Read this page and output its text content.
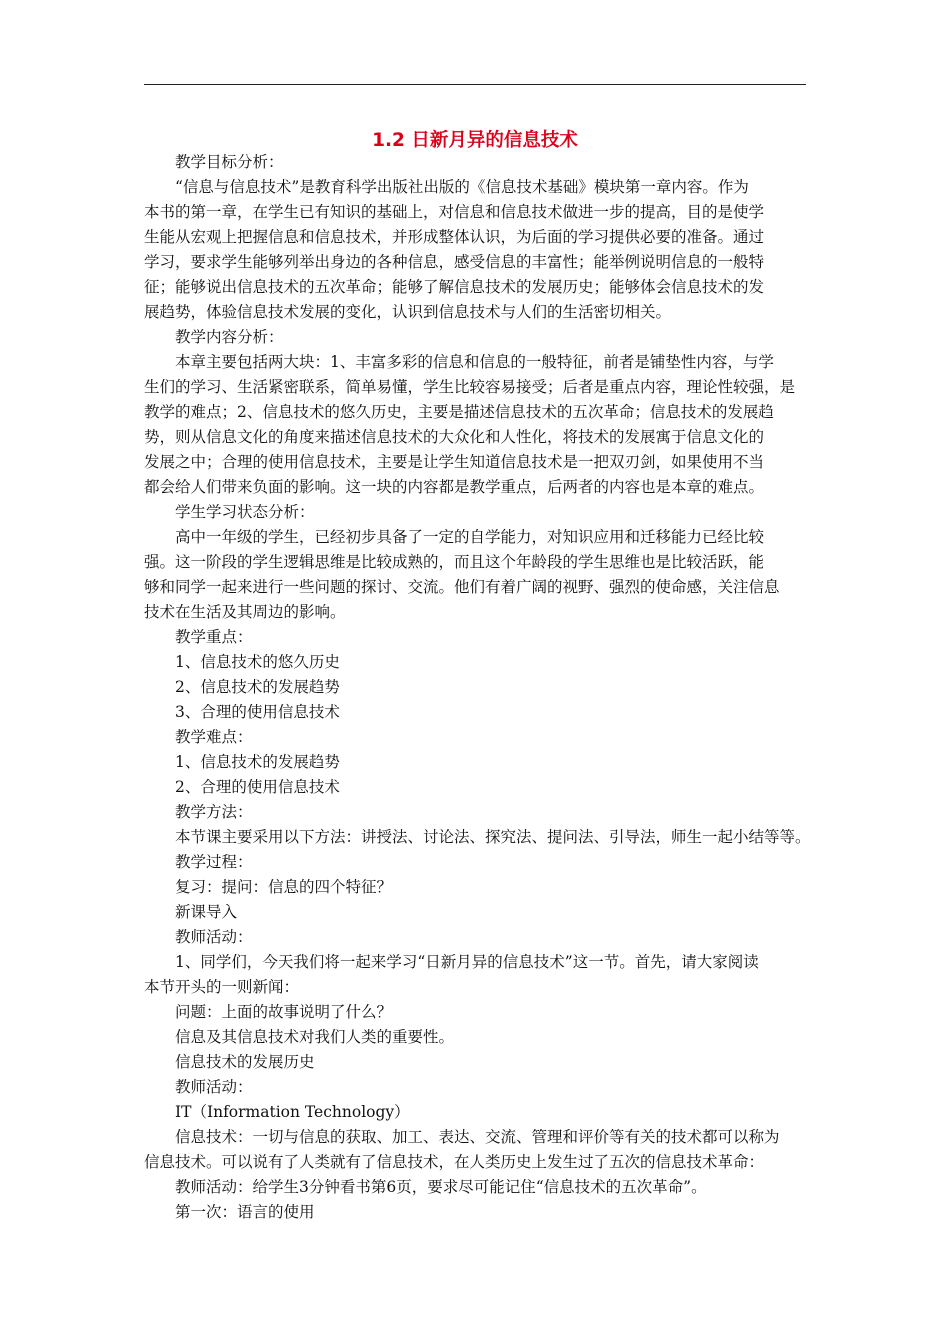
1.2 日新月异的信息技术
教学目标分析：
“信息与信息技术”是教育科学出版社出版的《信息技术基础》模块第一章内容。作为
本书的第一章，在学生已有知识的基础上，对信息和信息技术做进一步的提高，目的是使学
生能从宏观上把握信息和信息技术，并形成整体认识，为后面的学习提供必要的准备。通过
学习，要求学生能够列举出身边的各种信息，感受信息的丰富性；能举例说明信息的一般特
征；能够说出信息技术的五次革命；能够了解信息技术的发展历史；能够体会信息技术的发
展趋势，体验信息技术发展的变化，认识到信息技术与人们的生活密切相关。
教学内容分析：
本章主要包括两大块：1、丰富多彩的信息和信息的一般特征，前者是铺垫性内容，与学
生们的学习、生活紧密联系，简单易懂，学生比较容易接受；后者是重点内容，理论性较强，是
教学的难点；2、信息技术的悠久历史，主要是描述信息技术的五次革命；信息技术的发展趋
势，则从信息文化的角度来描述信息技术的大众化和人性化，将技术的发展寓于信息文化的
发展之中；合理的使用信息技术，主要是让学生知道信息技术是一把双刃剑，如果使用不当
都会给人们带来负面的影响。这一块的内容都是教学重点，后两者的内容也是本章的难点。
学生学习状态分析：
高中一年级的学生，已经初步具备了一定的自学能力，对知识应用和迁移能力已经比较
强。这一阶段的学生逻辑思维是比较成熟的，而且这个年龄段的学生思维也是比较活跃，能
够和同学一起来进行一些问题的探讨、交流。他们有着广阔的视野、强烈的使命感，关注信息
技术在生活及其周边的影响。
教学重点：
1、信息技术的悠久历史
2、信息技术的发展趋势
3、合理的使用信息技术
教学难点：
1、信息技术的发展趋势
2、合理的使用信息技术
教学方法：
本节课主要采用以下方法：讲授法、讨论法、探究法、提问法、引导法，师生一起小结等等。
教学过程：
复习：提问：信息的四个特征？
新课导入
教师活动：
1、同学们，今天我们将一起来学习“日新月异的信息技术”这一节。首先，请大家阅读
本节开头的一则新闻：
问题：上面的故事说明了什么？
信息及其信息技术对我们人类的重要性。
信息技术的发展历史
教师活动：
IT（Information Technology）
信息技术：一切与信息的获取、加工、表达、交流、管理和评价等有关的技术都可以称为
信息技术。可以说有了人类就有了信息技术，在人类历史上发生过了五次的信息技术革命：
教师活动：给学生3分钟看书第6页，要求尽可能记住“信息技术的五次革命”。
第一次：语言的使用
